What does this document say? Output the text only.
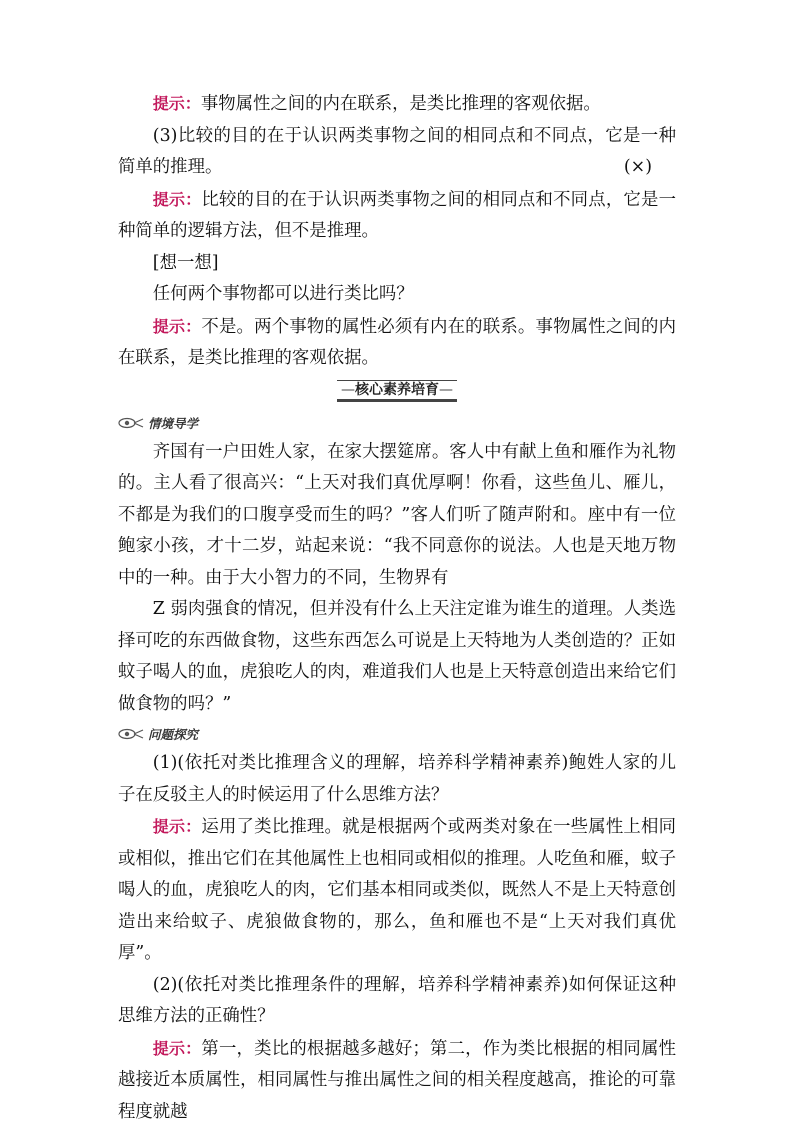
提示：事物属性之间的内在联系，是类比推理的客观依据。

(3)比较的目的在于认识两类事物之间的相同点和不同点，它是一种简单的推理。	(×)

提示：比较的目的在于认识两类事物之间的相同点和不同点，它是一种简单的逻辑方法，但不是推理。

[想一想]

任何两个事物都可以进行类比吗？

提示：不是。两个事物的属性必须有内在的联系。事物属性之间的内在联系，是类比推理的客观依据。

—核心素养培育—
情境导学

齐国有一户田姓人家，在家大摆筵席。客人中有献上鱼和雁作为礼物的。主人看了很高兴：“上天对我们真优厚啊！你看，这些鱼儿、雁儿，不都是为我们的口腹享受而生的吗？”客人们听了随声附和。座中有一位鲍家小孩，才十二岁，站起来说：“我不同意你的说法。人也是天地万物中的一种。由于大小智力的不同，生物界有

Z 弱肉强食的情况，但并没有什么上天注定谁为谁生的道理。人类选择可吃的东西做食物，这些东西怎么可说是上天特地为人类创造的？正如蚊子喝人的血，虎狼吃人的肉，难道我们人也是上天特意创造出来给它们做食物的吗？”

问题探究

(1)(依托对类比推理含义的理解，培养科学精神素养)鲍姓人家的儿子在反驳主人的时候运用了什么思维方法？

提示：运用了类比推理。就是根据两个或两类对象在一些属性上相同或相似，推出它们在其他属性上也相同或相似的推理。人吃鱼和雁，蚊子喝人的血，虎狼吃人的肉，它们基本相同或类似，既然人不是上天特意创造出来给蚊子、虎狼做食物的，那么，鱼和雁也不是“上天对我们真优厚”。

(2)(依托对类比推理条件的理解，培养科学精神素养)如何保证这种思维方法的正确性？

提示：第一，类比的根据越多越好；第二，作为类比根据的相同属性越接近本质属性，相同属性与推出属性之间的相关程度越高，推论的可靠程度就越
